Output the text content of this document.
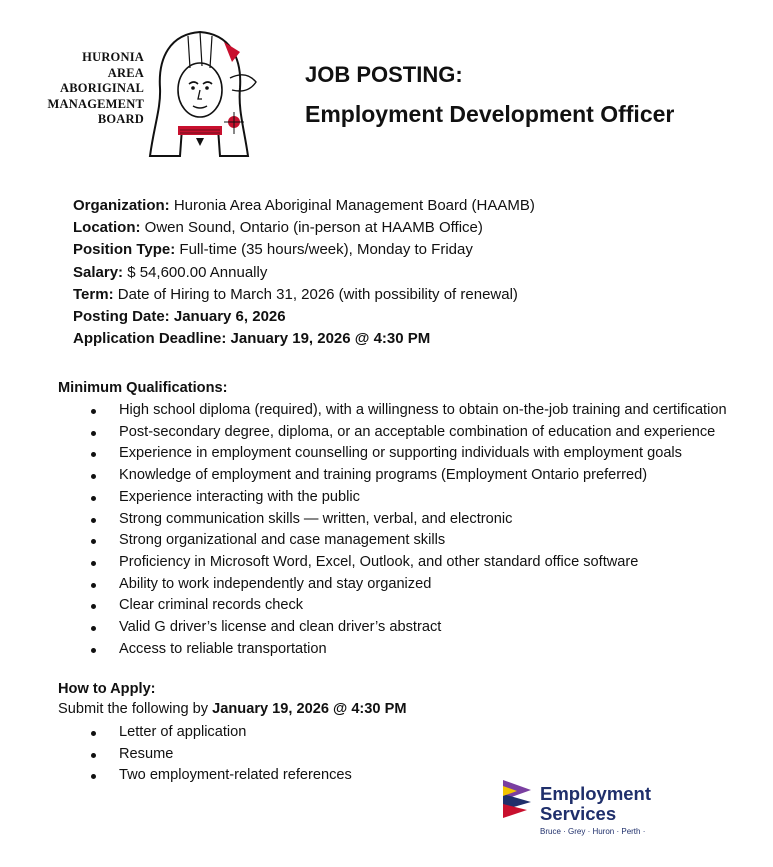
HURONIA
AREA
ABORIGINAL
MANAGEMENT
BOARD
JOB POSTING:
Employment Development Officer
Organization: Huronia Area Aboriginal Management Board (HAAMB)
Location: Owen Sound, Ontario (in-person at HAAMB Office)
Position Type: Full-time (35 hours/week), Monday to Friday
Salary: $ 54,600.00 Annually
Term: Date of Hiring to March 31, 2026 (with possibility of renewal)
Posting Date: January 6, 2026
Application Deadline: January 19, 2026 @ 4:30 PM
Minimum Qualifications:
High school diploma (required), with a willingness to obtain on-the-job training and certification
Post-secondary degree, diploma, or an acceptable combination of education and experience
Experience in employment counselling or supporting individuals with employment goals
Knowledge of employment and training programs (Employment Ontario preferred)
Experience interacting with the public
Strong communication skills — written, verbal, and electronic
Strong organizational and case management skills
Proficiency in Microsoft Word, Excel, Outlook, and other standard office software
Ability to work independently and stay organized
Clear criminal records check
Valid G driver’s license and clean driver’s abstract
Access to reliable transportation
How to Apply:
Submit the following by January 19, 2026 @ 4:30 PM
Letter of application
Resume
Two employment-related references
Employment
Services
Bruce · Grey · Huron · Perth ·
